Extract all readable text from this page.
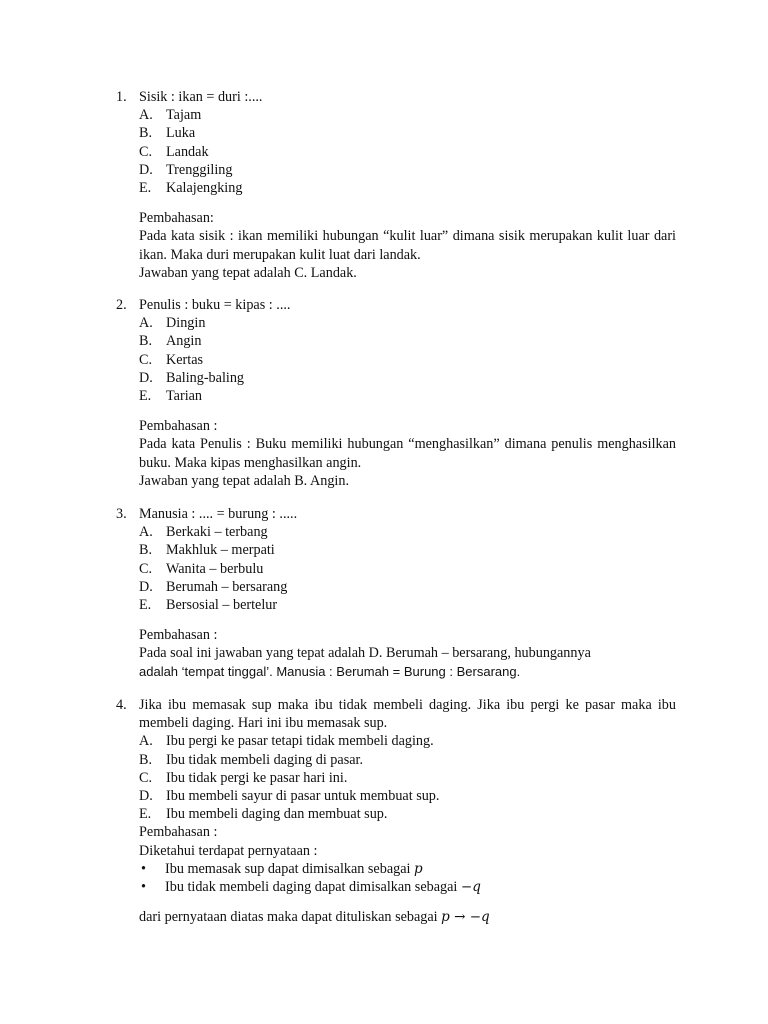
1. Sisik : ikan = duri :....
A. Tajam
B. Luka
C. Landak
D. Trenggiling
E.	Kalajengking

Pembahasan:

Pada kata sisik : ikan memiliki hubungan “kulit luar” dimana sisik merupakan kulit luar dari ikan. Maka duri merupakan kulit luat dari landak.

Jawaban yang tepat adalah C. Landak.

2. Penulis : buku = kipas : ....
A. Dingin
B. Angin
C. Kertas
D. Baling-baling
E.	Tarian

Pembahasan :

Pada kata Penulis : Buku memiliki hubungan “menghasilkan” dimana penulis menghasilkan buku. Maka kipas menghasilkan angin.

Jawaban yang tepat adalah B. Angin.

3. Manusia : .... = burung : .....
A. Berkaki – terbang
B. Makhluk – merpati
C. Wanita – berbulu
D. Berumah – bersarang
E.	Bersosial – bertelur

Pembahasan :

Pada soal ini jawaban yang tepat adalah D. Berumah – bersarang, hubungannya

adalah ‘tempat tinggal’. Manusia : Berumah = Burung : Bersarang.

4. Jika ibu memasak sup maka ibu tidak membeli daging. Jika ibu pergi ke pasar maka ibu membeli daging. Hari ini ibu memasak sup.
A. Ibu pergi ke pasar tetapi tidak membeli daging.
B. Ibu tidak membeli daging di pasar.
C. Ibu tidak pergi ke pasar hari ini.
D. Ibu membeli sayur di pasar untuk membuat sup.
E.	Ibu membeli daging dan membuat sup.

Pembahasan :

Diketahui terdapat pernyataan :

•	Ibu memasak sup dapat dimisalkan sebagai p
•	Ibu tidak membeli daging dapat dimisalkan sebagai −q

dari pernyataan diatas maka dapat dituliskan sebagai p → −q
